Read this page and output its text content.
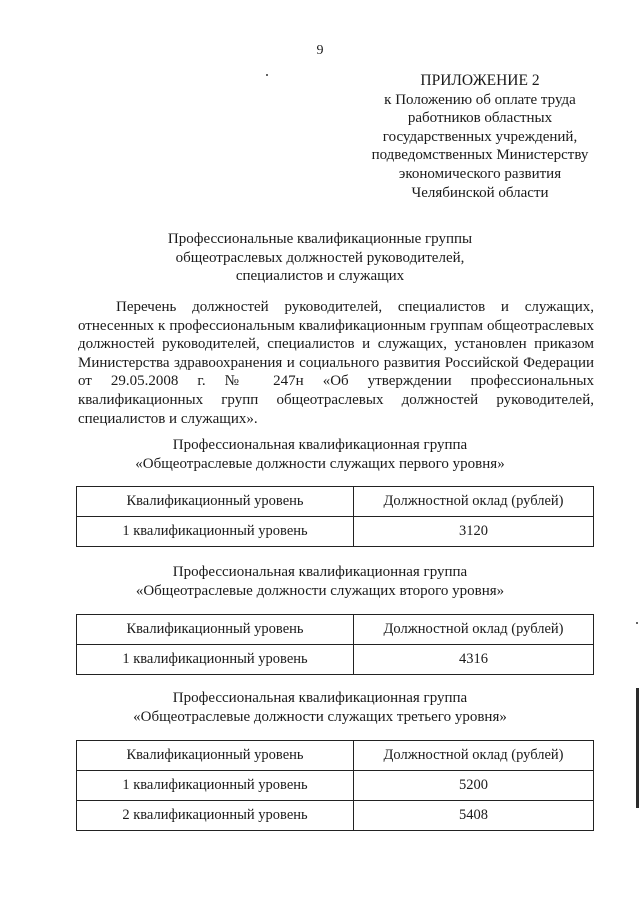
9
ПРИЛОЖЕНИЕ 2
к Положению об оплате труда
работников областных
государственных учреждений,
подведомственных Министерству
экономического развития
Челябинской области
Профессиональные квалификационные группы
общеотраслевых должностей руководителей,
специалистов и служащих

Перечень должностей руководителей, специалистов и служащих, отнесенных к профессиональным квалификационным группам общеотраслевых должностей руководителей, специалистов и служащих, установлен приказом Министерства здравоохранения и социального развития Российской Федерации от 29.05.2008 г. № 247н «Об утверждении профессиональных квалификационных групп общеотраслевых должностей руководителей, специалистов и служащих».

Профессиональная квалификационная группа
«Общеотраслевые должности служащих первого уровня»
Квалификационный уровень	Должностной оклад (рублей)
1 квалификационный уровень	3120
Профессиональная квалификационная группа
«Общеотраслевые должности служащих второго уровня»
Квалификационный уровень	Должностной оклад (рублей)
1 квалификационный уровень	4316
Профессиональная квалификационная группа
«Общеотраслевые должности служащих третьего уровня»
Квалификационный уровень	Должностной оклад (рублей)
1 квалификационный уровень	5200
2 квалификационный уровень	5408
